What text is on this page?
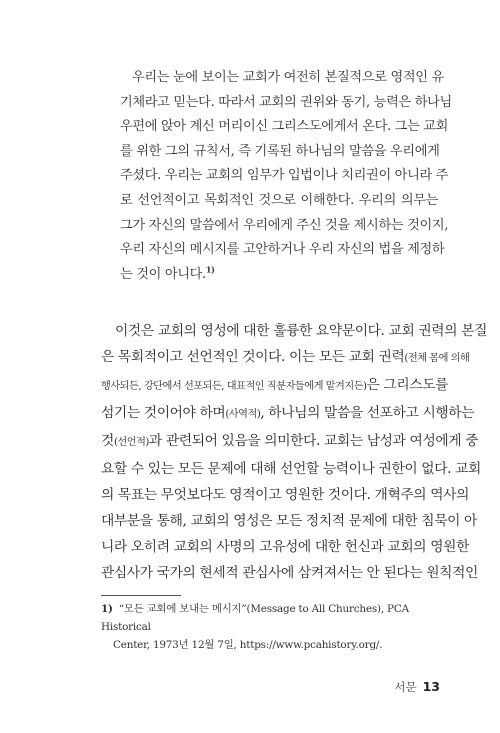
우리는 눈에 보이는 교회가 여전히 본질적으로 영적인 유
기체라고 믿는다. 따라서 교회의 권위와 동기, 능력은 하나님
우편에 앉아 계신 머리이신 그리스도에게서 온다. 그는 교회
를 위한 그의 규칙서, 즉 기록된 하나님의 말씀을 우리에게
주셨다. 우리는 교회의 임무가 입법이나 치리권이 아니라 주
로 선언적이고 목회적인 것으로 이해한다. 우리의 의무는
그가 자신의 말씀에서 우리에게 주신 것을 제시하는 것이지,
우리 자신의 메시지를 고안하거나 우리 자신의 법을 제정하
는 것이 아니다.$^{1)}$
이것은 교회의 영성에 대한 훌륭한 요약문이다. 교회 권력의 본질
은 목회적이고 선언적인 것이다. 이는 모든 교회 권력(전체 몸에 의해
행사되든, 강단에서 선포되든, 대표적인 직분자들에게 맡겨지든)은 그리스도를
섬기는 것이어야 하며(사역적), 하나님의 말씀을 선포하고 시행하는
것(선언적)과 관련되어 있음을 의미한다. 교회는 남성과 여성에게 중
요할 수 있는 모든 문제에 대해 선언할 능력이나 권한이 없다. 교회
의 목표는 무엇보다도 영적이고 영원한 것이다. 개혁주의 역사의
대부분을 통해, 교회의 영성은 모든 정치적 문제에 대한 침묵이 아
니라 오히려 교회의 사명의 고유성에 대한 헌신과 교회의 영원한
관심사가 국가의 현세적 관심사에 삼켜져서는 안 된다는 원칙적인
1) “모든 교회에 보내는 메시지”(Message to All Churches), PCA Historical
Center, 1973년 12월 7일, https://www.pcahistory.org/.
서문 13
